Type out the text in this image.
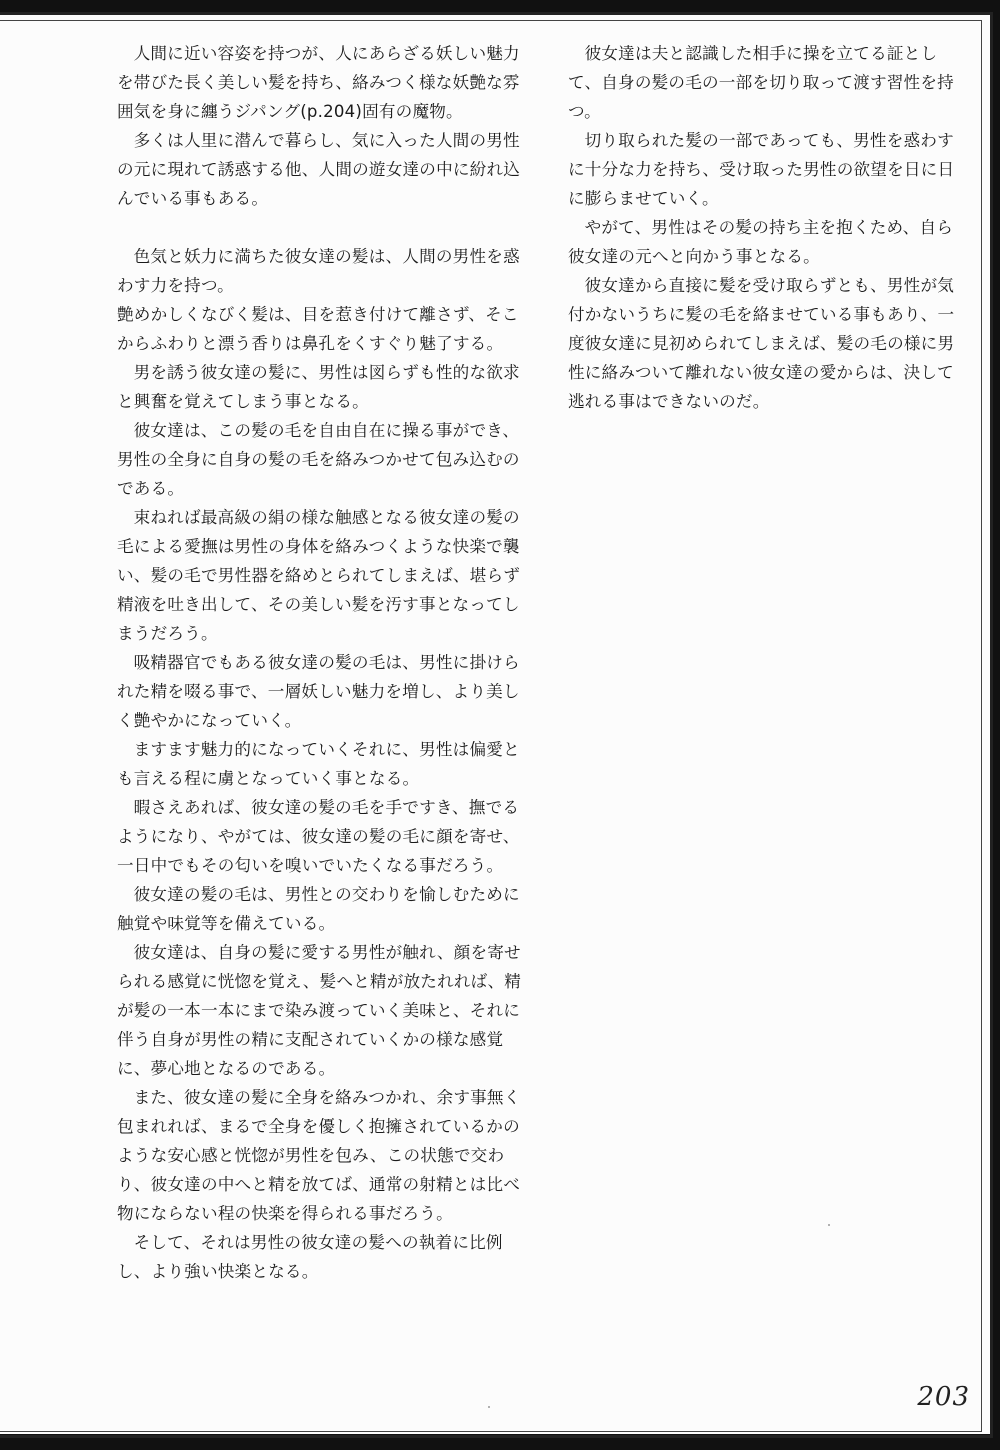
人間に近い容姿を持つが、人にあらざる妖しい魅力を帯びた長く美しい髪を持ち、絡みつく様な妖艶な雰囲気を身に纏うジパング(p.204)固有の魔物。

多くは人里に潜んで暮らし、気に入った人間の男性の元に現れて誘惑する他、人間の遊女達の中に紛れ込んでいる事もある。

色気と妖力に満ちた彼女達の髪は、人間の男性を惑わす力を持つ。

艶めかしくなびく髪は、目を惹き付けて離さず、そこからふわりと漂う香りは鼻孔をくすぐり魅了する。

男を誘う彼女達の髪に、男性は図らずも性的な欲求と興奮を覚えてしまう事となる。

彼女達は、この髪の毛を自由自在に操る事ができ、男性の全身に自身の髪の毛を絡みつかせて包み込むのである。

束ねれば最高級の絹の様な触感となる彼女達の髪の毛による愛撫は男性の身体を絡みつくような快楽で襲い、髪の毛で男性器を絡めとられてしまえば、堪らず精液を吐き出して、その美しい髪を汚す事となってしまうだろう。

吸精器官でもある彼女達の髪の毛は、男性に掛けられた精を啜る事で、一層妖しい魅力を増し、より美しく艶やかになっていく。

ますます魅力的になっていくそれに、男性は偏愛とも言える程に虜となっていく事となる。

暇さえあれば、彼女達の髪の毛を手ですき、撫でるようになり、やがては、彼女達の髪の毛に顔を寄せ、一日中でもその匂いを嗅いでいたくなる事だろう。

彼女達の髪の毛は、男性との交わりを愉しむために触覚や味覚等を備えている。

彼女達は、自身の髪に愛する男性が触れ、顔を寄せられる感覚に恍惚を覚え、髪へと精が放たれれば、精が髪の一本一本にまで染み渡っていく美味と、それに伴う自身が男性の精に支配されていくかの様な感覚に、夢心地となるのである。

また、彼女達の髪に全身を絡みつかれ、余す事無く包まれれば、まるで全身を優しく抱擁されているかのような安心感と恍惚が男性を包み、この状態で交わり、彼女達の中へと精を放てば、通常の射精とは比べ物にならない程の快楽を得られる事だろう。

そして、それは男性の彼女達の髪への執着に比例し、より強い快楽となる。

彼女達は夫と認識した相手に操を立てる証として、自身の髪の毛の一部を切り取って渡す習性を持つ。

切り取られた髪の一部であっても、男性を惑わすに十分な力を持ち、受け取った男性の欲望を日に日に膨らませていく。

やがて、男性はその髪の持ち主を抱くため、自ら彼女達の元へと向かう事となる。

彼女達から直接に髪を受け取らずとも、男性が気付かないうちに髪の毛を絡ませている事もあり、一度彼女達に見初められてしまえば、髪の毛の様に男性に絡みついて離れない彼女達の愛からは、決して逃れる事はできないのだ。

203
